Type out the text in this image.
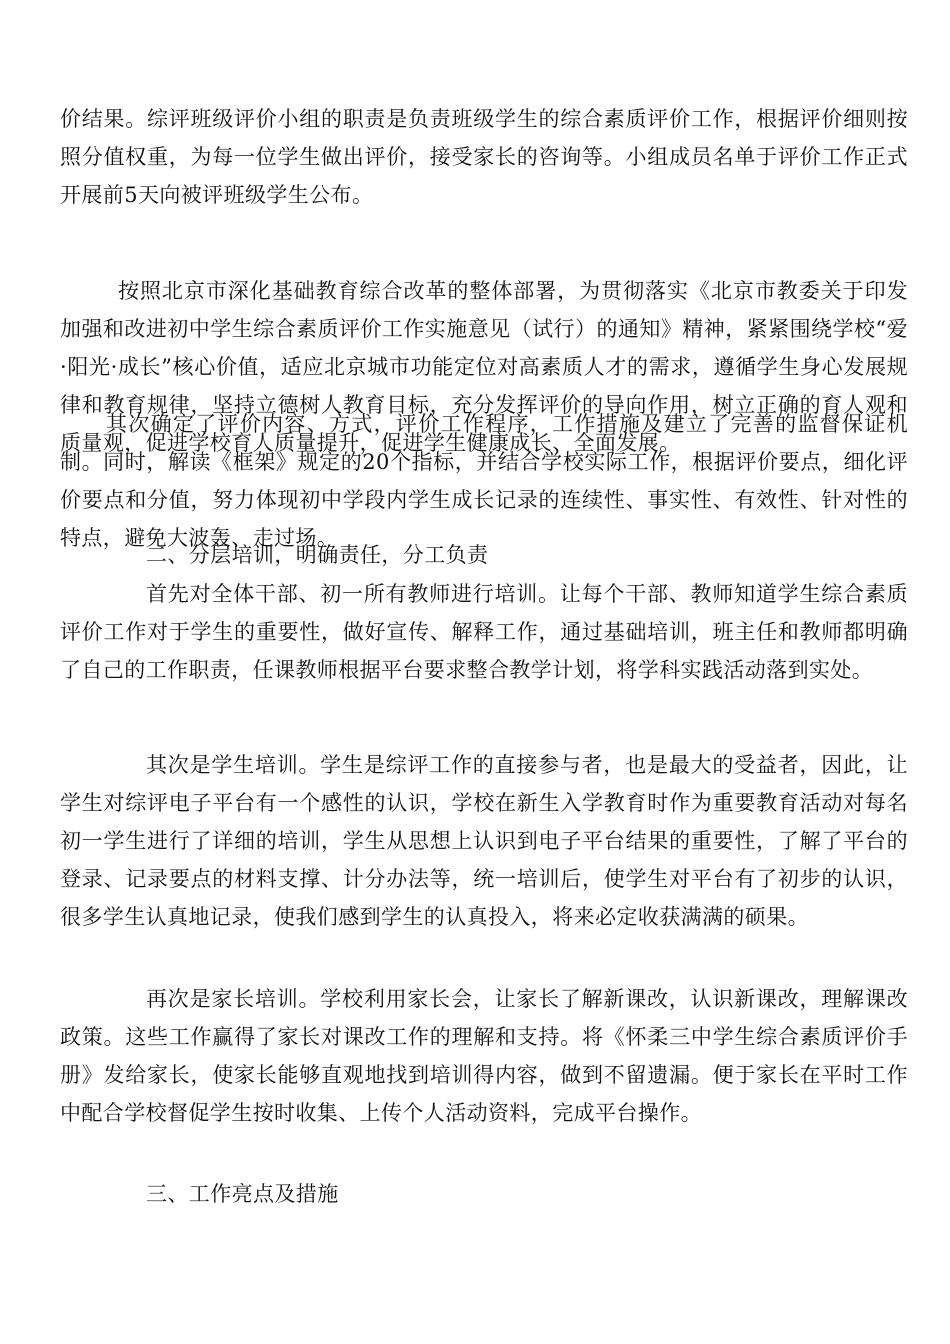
价结果。综评班级评价小组的职责是负责班级学生的综合素质评价工作，根据评价细则按照分值权重，为每一位学生做出评价，接受家长的咨询等。小组成员名单于评价工作正式开展前5天向被评班级学生公布。

按照北京市深化基础教育综合改革的整体部署，为贯彻落实《北京市教委关于印发加强和改进初中学生综合素质评价工作实施意见（试行）的通知》精神，紧紧围绕学校“爱·阳光·成长”核心价值，适应北京城市功能定位对高素质人才的需求，遵循学生身心发展规律和教育规律，坚持立德树人教育目标，充分发挥评价的导向作用，树立正确的育人观和质量观，促进学校育人质量提升，促进学生健康成长、全面发展。

其次确定了评价内容、方式，评价工作程序，工作措施及建立了完善的监督保证机制。同时，解读《框架》规定的20个指标，并结合学校实际工作，根据评价要点，细化评价要点和分值，努力体现初中学段内学生成长记录的连续性、事实性、有效性、针对性的特点，避免大波轰、走过场。

二、分层培训，明确责任，分工负责

首先对全体干部、初一所有教师进行培训。让每个干部、教师知道学生综合素质评价工作对于学生的重要性，做好宣传、解释工作，通过基础培训，班主任和教师都明确了自己的工作职责，任课教师根据平台要求整合教学计划，将学科实践活动落到实处。

其次是学生培训。学生是综评工作的直接参与者，也是最大的受益者，因此，让学生对综评电子平台有一个感性的认识，学校在新生入学教育时作为重要教育活动对每名初一学生进行了详细的培训，学生从思想上认识到电子平台结果的重要性，了解了平台的登录、记录要点的材料支撑、计分办法等，统一培训后，使学生对平台有了初步的认识，很多学生认真地记录，使我们感到学生的认真投入，将来必定收获满满的硕果。

再次是家长培训。学校利用家长会，让家长了解新课改，认识新课改，理解课改政策。这些工作赢得了家长对课改工作的理解和支持。将《怀柔三中学生综合素质评价手册》发给家长，使家长能够直观地找到培训得内容，做到不留遗漏。便于家长在平时工作中配合学校督促学生按时收集、上传个人活动资料，完成平台操作。

三、工作亮点及措施
